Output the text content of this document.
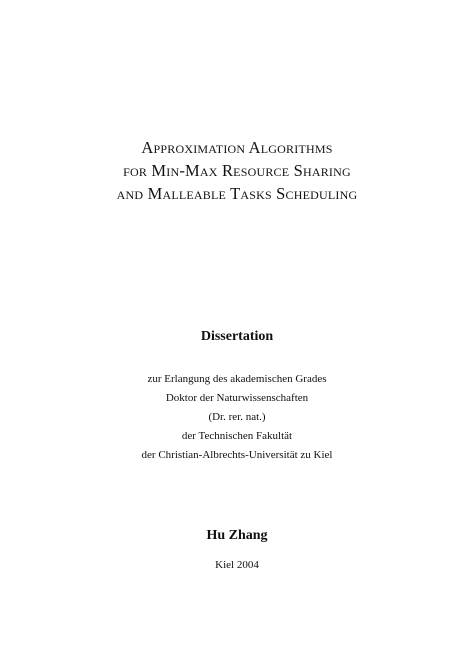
Approximation Algorithms
for Min-Max Resource Sharing
and Malleable Tasks Scheduling
Dissertation
zur Erlangung des akademischen Grades
Doktor der Naturwissenschaften
(Dr. rer. nat.)
der Technischen Fakultät
der Christian-Albrechts-Universität zu Kiel
Hu Zhang
Kiel 2004
